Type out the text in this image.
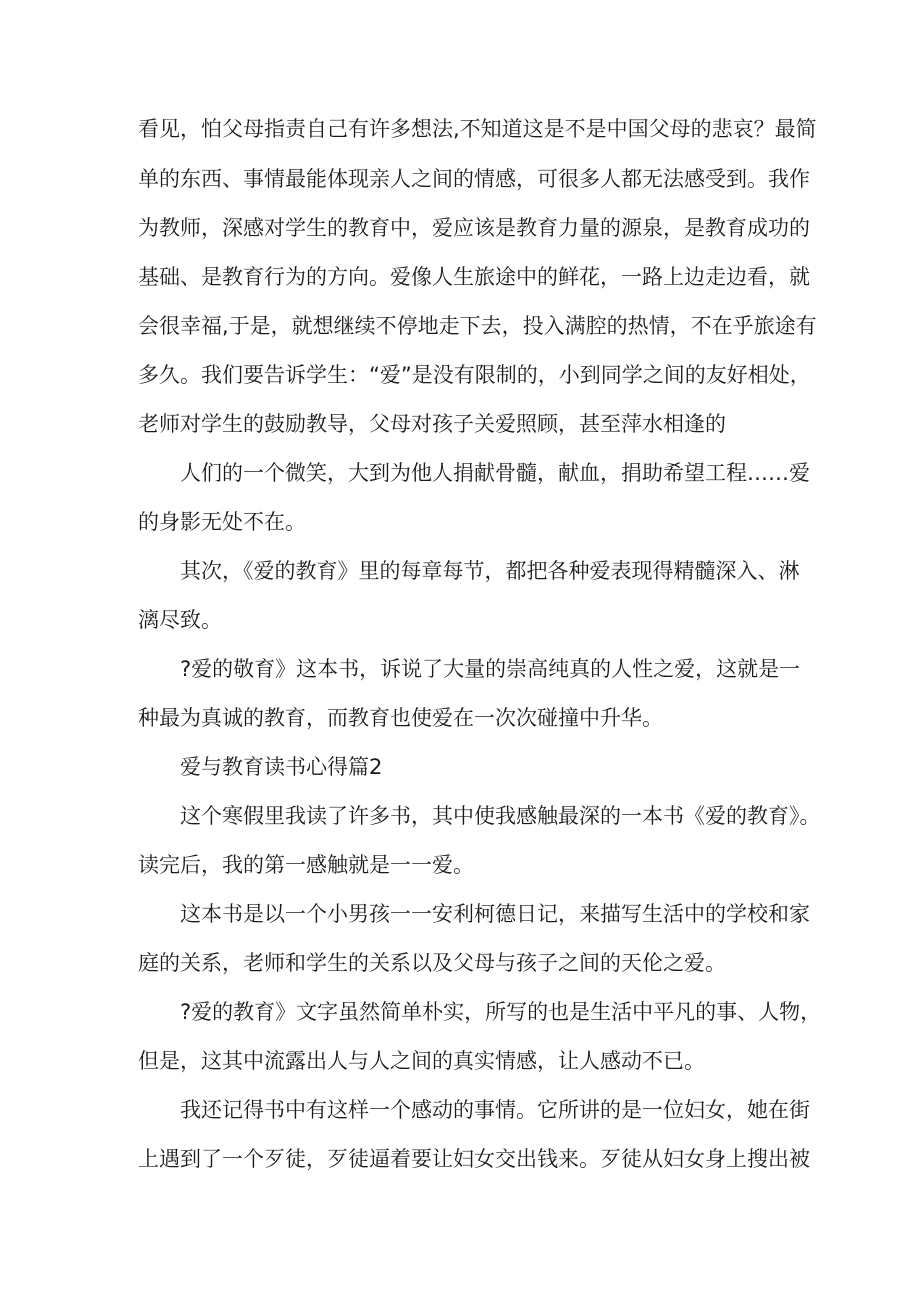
看见，怕父母指责自己有许多想法,不知道这是不是中国父母的悲哀？最简
单的东西、事情最能体现亲人之间的情感，可很多人都无法感受到。我作
为教师，深感对学生的教育中，爱应该是教育力量的源泉，是教育成功的
基础、是教育行为的方向。爱像人生旅途中的鲜花，一路上边走边看，就
会很幸福,于是，就想继续不停地走下去，投入满腔的热情，不在乎旅途有
多久。我们要告诉学生：“爱”是没有限制的，小到同学之间的友好相处，
老师对学生的鼓励教导，父母对孩子关爱照顾，甚至萍水相逢的
人们的一个微笑，大到为他人捐献骨髓，献血，捐助希望工程……爱
的身影无处不在。
其次，《爱的教育》里的每章每节，都把各种爱表现得精髓深入、淋
漓尽致。
?爱的敬育》这本书，诉说了大量的崇高纯真的人性之爱，这就是一
种最为真诚的教育，而教育也使爱在一次次碰撞中升华。
爱与教育读书心得篇2
这个寒假里我读了许多书，其中使我感触最深的一本书《爱的教育》。
读完后，我的第一感触就是一一爱。
这本书是以一个小男孩一一安利柯德日记，来描写生活中的学校和家
庭的关系，老师和学生的关系以及父母与孩子之间的天伦之爱。
?爱的教育》文字虽然简单朴实，所写的也是生活中平凡的事、人物，
但是，这其中流露出人与人之间的真实情感，让人感动不已。
我还记得书中有这样一个感动的事情。它所讲的是一位妇女，她在街
上遇到了一个歹徒，歹徒逼着要让妇女交出钱来。歹徒从妇女身上搜出被
